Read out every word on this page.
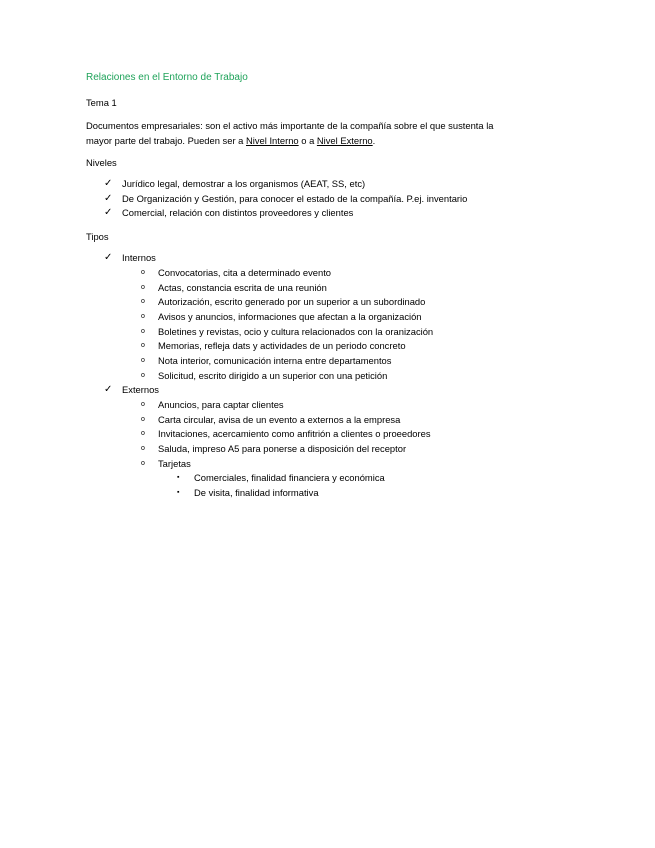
Relaciones en el Entorno de Trabajo
Tema 1
Documentos empresariales: son el activo más importante de la compañía sobre el que sustenta la mayor parte del trabajo. Pueden ser a Nivel Interno o a Nivel Externo.
Niveles
✓ Jurídico legal, demostrar a los organismos (AEAT, SS, etc)
✓ De Organización y Gestión, para conocer el estado de la compañía. P.ej. inventario
✓ Comercial, relación con distintos proveedores y clientes
Tipos
✓ Internos
o Convocatorias, cita a determinado evento
o Actas, constancia escrita de una reunión
o Autorización, escrito generado por un superior a un subordinado
o Avisos y anuncios, informaciones que afectan a la organización
o Boletines y revistas, ocio y cultura relacionados con la oranización
o Memorias, refleja dats y actividades de un periodo concreto
o Nota interior, comunicación interna entre departamentos
o Solicitud, escrito dirigido a un superior con una petición
✓ Externos
o Anuncios, para captar clientes
o Carta circular, avisa de un evento a externos a la empresa
o Invitaciones, acercamiento como anfitrión a clientes o proeedores
o Saluda, impreso A5 para ponerse a disposición del receptor
o Tarjetas
▪ Comerciales, finalidad financiera y económica
▪ De visita, finalidad informativa
